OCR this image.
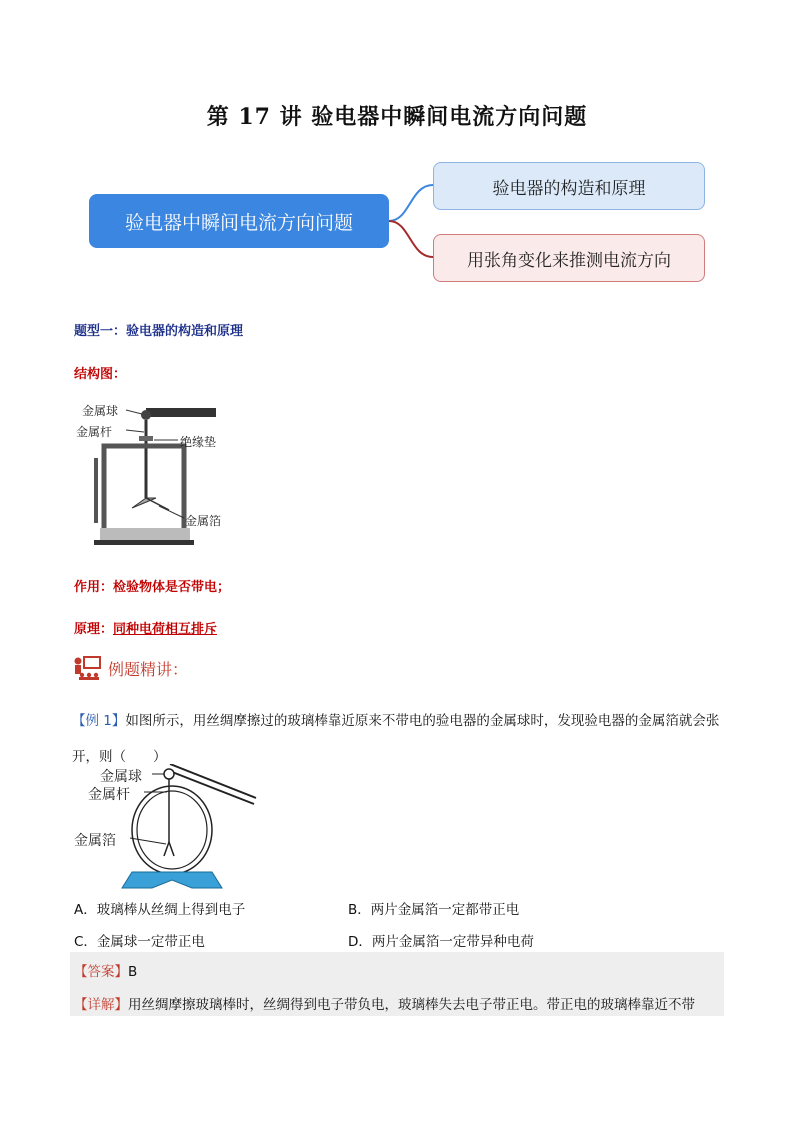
第 17 讲 验电器中瞬间电流方向问题
验电器中瞬间电流方向问题
验电器的构造和原理
用张角变化来推测电流方向
题型一：验电器的构造和原理
结构图：
金属球
金属杆
绝缘垫
金属箔
作用：检验物体是否带电；
原理：同种电荷相互排斥
例题精讲：
【例 1】如图所示，用丝绸摩擦过的玻璃棒靠近原来不带电的验电器的金属球时，发现验电器的金属箔就会张开，则（　　）
金属球
金属杆
金属箔
A．玻璃棒从丝绸上得到电子	B．两片金属箔一定都带正电
C．金属球一定带正电	D．两片金属箔一定带异种电荷
【答案】B
【详解】用丝绸摩擦玻璃棒时，丝绸得到电子带负电，玻璃棒失去电子带正电。带正电的玻璃棒靠近不带
